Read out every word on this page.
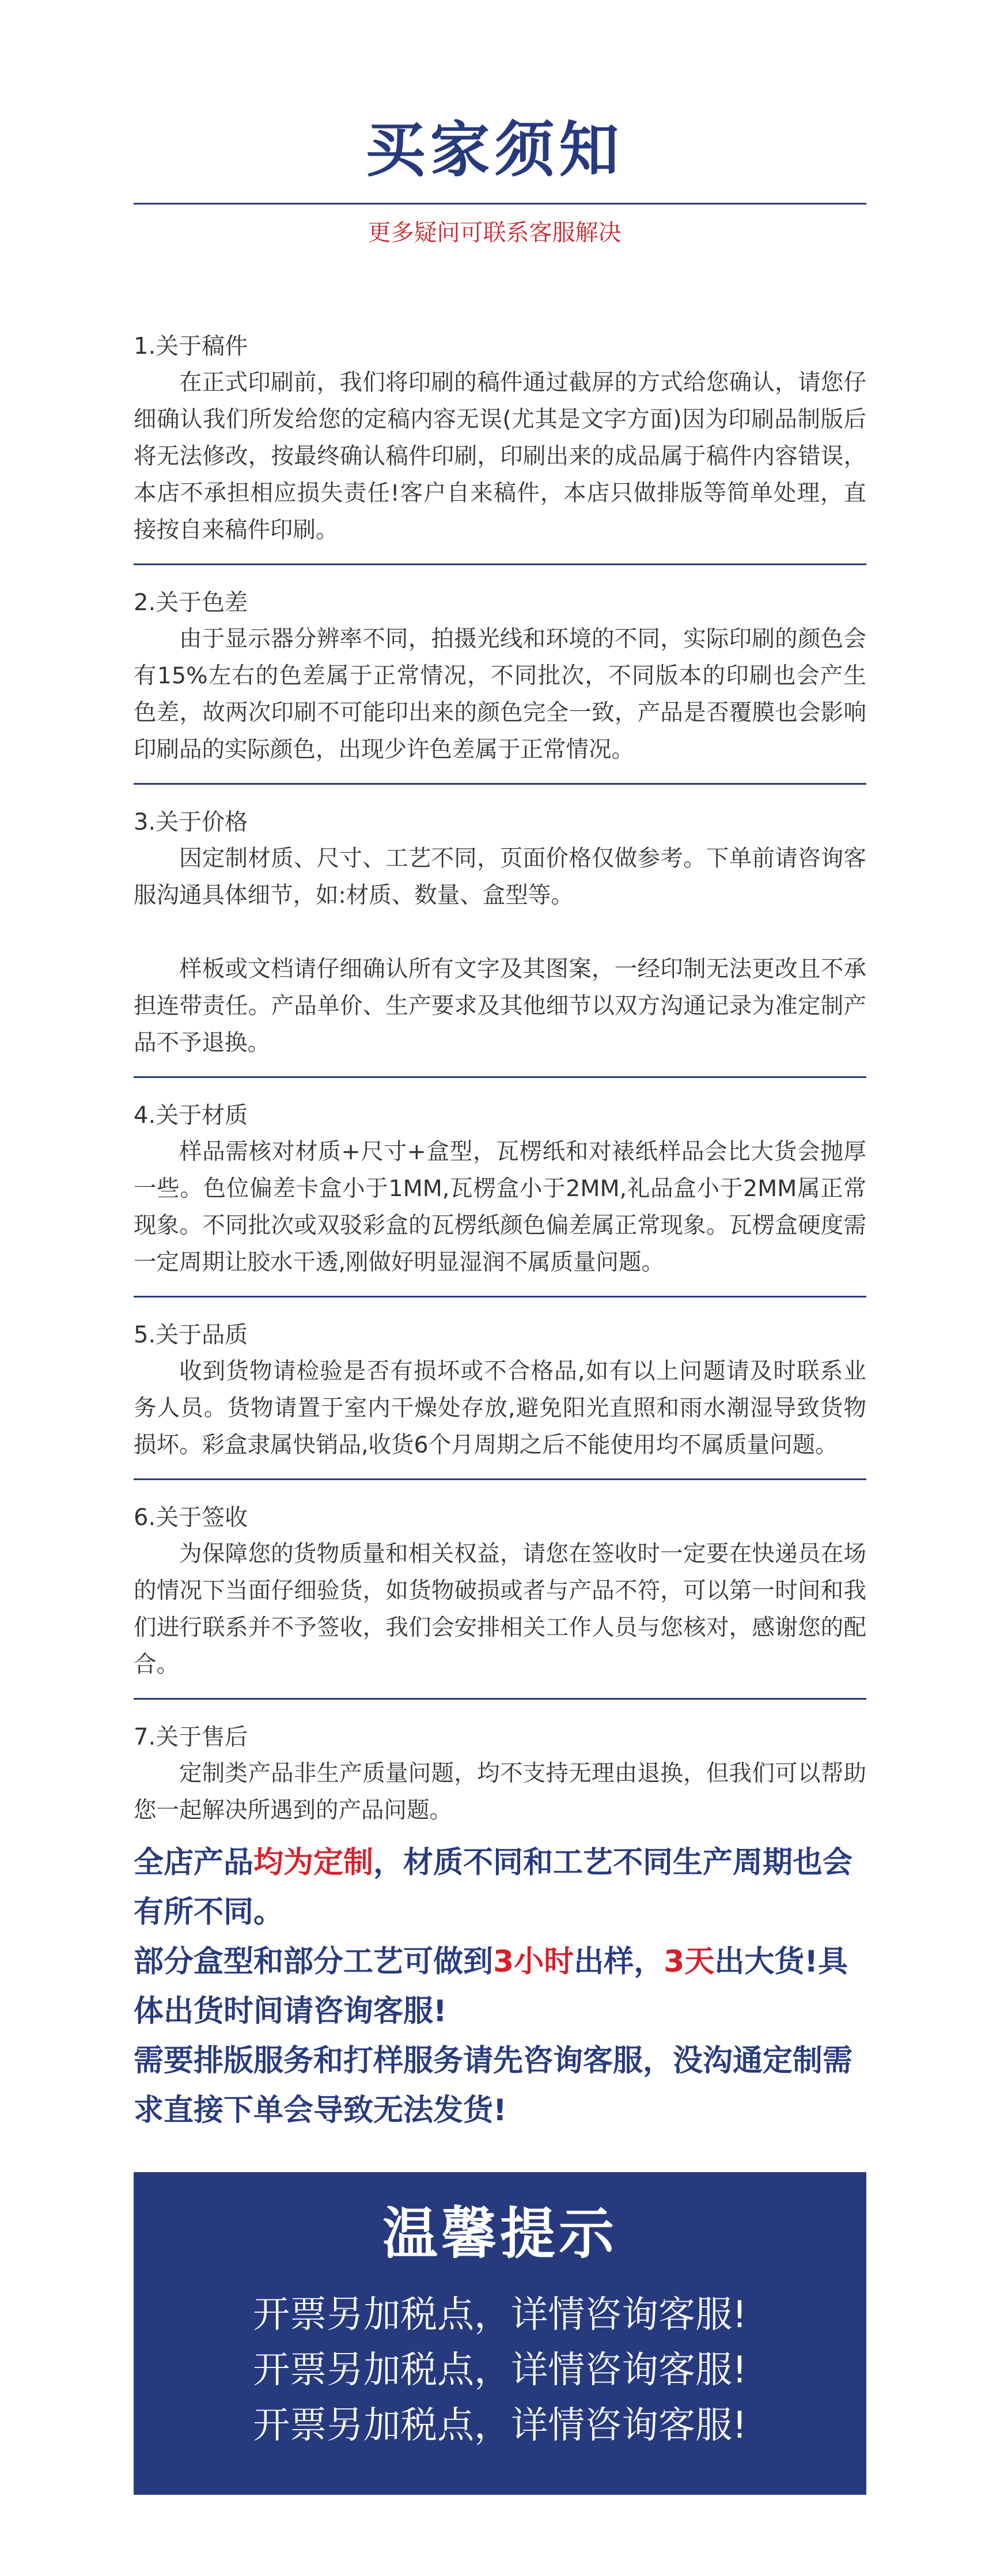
买家须知
更多疑问可联系客服解决
1.关于稿件
在正式印刷前，我们将印刷的稿件通过截屏的方式给您确认，请您仔细确认我们所发给您的定稿内容无误(尤其是文字方面)因为印刷品制版后将无法修改，按最终确认稿件印刷，印刷出来的成品属于稿件内容错误，本店不承担相应损失责任!客户自来稿件，本店只做排版等简单处理，直接按自来稿件印刷。
2.关于色差
由于显示器分辨率不同，拍摄光线和环境的不同，实际印刷的颜色会有15%左右的色差属于正常情况，不同批次，不同版本的印刷也会产生色差，故两次印刷不可能印出来的颜色完全一致，产品是否覆膜也会影响印刷品的实际颜色，出现少许色差属于正常情况。
3.关于价格
因定制材质、尺寸、工艺不同，页面价格仅做参考。下单前请咨询客服沟通具体细节，如:材质、数量、盒型等。
样板或文档请仔细确认所有文字及其图案，一经印制无法更改且不承担连带责任。产品单价、生产要求及其他细节以双方沟通记录为准定制产品不予退换。
4.关于材质
样品需核对材质+尺寸+盒型，瓦楞纸和对裱纸样品会比大货会抛厚一些。色位偏差卡盒小于1MM,瓦楞盒小于2MM,礼品盒小于2MM属正常现象。不同批次或双驳彩盒的瓦楞纸颜色偏差属正常现象。瓦楞盒硬度需一定周期让胶水干透,刚做好明显湿润不属质量问题。
5.关于品质
收到货物请检验是否有损坏或不合格品,如有以上问题请及时联系业务人员。货物请置于室内干燥处存放,避免阳光直照和雨水潮湿导致货物损坏。彩盒隶属快销品,收货6个月周期之后不能使用均不属质量问题。
6.关于签收
为保障您的货物质量和相关权益，请您在签收时一定要在快递员在场的情况下当面仔细验货，如货物破损或者与产品不符，可以第一时间和我们进行联系并不予签收，我们会安排相关工作人员与您核对，感谢您的配合。
7.关于售后
定制类产品非生产质量问题，均不支持无理由退换，但我们可以帮助您一起解决所遇到的产品问题。
全店产品均为定制，材质不同和工艺不同生产周期也会有所不同。
部分盒型和部分工艺可做到3小时出样，3天出大货!具体出货时间请咨询客服!
需要排版服务和打样服务请先咨询客服，没沟通定制需求直接下单会导致无法发货!
温馨提示
开票另加税点，详情咨询客服!
开票另加税点，详情咨询客服!
开票另加税点，详情咨询客服!
